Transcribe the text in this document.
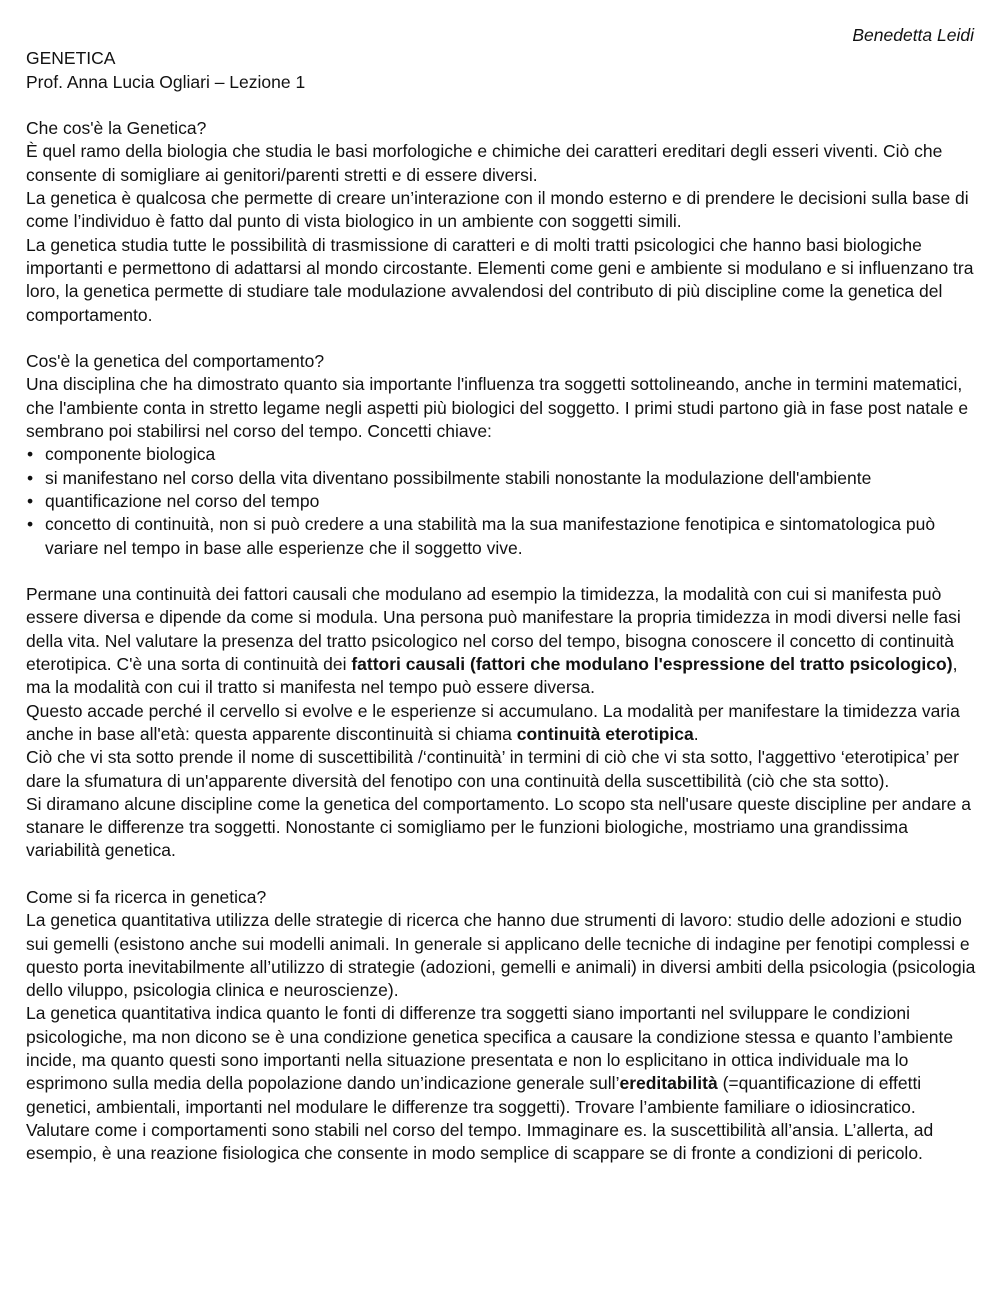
Benedetta Leidi

GENETICA

Prof. Anna Lucia Ogliari – Lezione 1

Che cos'è la Genetica?

È quel ramo della biologia che studia le basi morfologiche e chimiche dei caratteri ereditari degli esseri viventi. Ciò che consente di somigliare ai genitori/parenti stretti e di essere diversi.

La genetica è qualcosa che permette di creare un’interazione con il mondo esterno e di prendere le decisioni sulla base di come l’individuo è fatto dal punto di vista biologico in un ambiente con soggetti simili.

La genetica studia tutte le possibilità di trasmissione di caratteri e di molti tratti psicologici che hanno basi biologiche importanti e permettono di adattarsi al mondo circostante. Elementi come geni e ambiente si modulano e si influenzano tra loro, la genetica permette di studiare tale modulazione avvalendosi del contributo di più discipline come la genetica del comportamento.

Cos'è la genetica del comportamento?

Una disciplina che ha dimostrato quanto sia importante l'influenza tra soggetti sottolineando, anche in termini matematici, che l'ambiente conta in stretto legame negli aspetti più biologici del soggetto. I primi studi partono già in fase post natale e sembrano poi stabilirsi nel corso del tempo. Concetti chiave:

• componente biologica
• si manifestano nel corso della vita diventano possibilmente stabili nonostante la modulazione dell'ambiente
• quantificazione nel corso del tempo
• concetto di continuità, non si può credere a una stabilità ma la sua manifestazione fenotipica e sintomatologica può variare nel tempo in base alle esperienze che il soggetto vive.

Permane una continuità dei fattori causali che modulano ad esempio la timidezza, la modalità con cui si manifesta può essere diversa e dipende da come si modula. Una persona può manifestare la propria timidezza in modi diversi nelle fasi della vita. Nel valutare la presenza del tratto psicologico nel corso del tempo, bisogna conoscere il concetto di continuità eterotipica. C'è una sorta di continuità dei fattori causali (fattori che modulano l'espressione del tratto psicologico), ma la modalità con cui il tratto si manifesta nel tempo può essere diversa.

Questo accade perché il cervello si evolve e le esperienze si accumulano. La modalità per manifestare la timidezza varia anche in base all'età: questa apparente discontinuità si chiama continuità eterotipica.

Ciò che vi sta sotto prende il nome di suscettibilità /‘continuità’ in termini di ciò che vi sta sotto, l'aggettivo ‘eterotipica’ per dare la sfumatura di un'apparente diversità del fenotipo con una continuità della suscettibilità (ciò che sta sotto).

Si diramano alcune discipline come la genetica del comportamento. Lo scopo sta nell'usare queste discipline per andare a stanare le differenze tra soggetti. Nonostante ci somigliamo per le funzioni biologiche, mostriamo una grandissima variabilità genetica.

Come si fa ricerca in genetica?

La genetica quantitativa utilizza delle strategie di ricerca che hanno due strumenti di lavoro: studio delle adozioni e studio sui gemelli (esistono anche sui modelli animali. In generale si applicano delle tecniche di indagine per fenotipi complessi e questo porta inevitabilmente all’utilizzo di strategie (adozioni, gemelli e animali) in diversi ambiti della psicologia (psicologia dello viluppo, psicologia clinica e neuroscienze).

La genetica quantitativa indica quanto le fonti di differenze tra soggetti siano importanti nel sviluppare le condizioni psicologiche, ma non dicono se è una condizione genetica specifica a causare la condizione stessa e quanto l’ambiente incide, ma quanto questi sono importanti nella situazione presentata e non lo esplicitano in ottica individuale ma lo esprimono sulla media della popolazione dando un’indicazione generale sull’ereditabilità (=quantificazione di effetti genetici, ambientali, importanti nel modulare le differenze tra soggetti). Trovare l’ambiente familiare o idiosincratico.

Valutare come i comportamenti sono stabili nel corso del tempo. Immaginare es. la suscettibilità all’ansia. L’allerta, ad esempio, è una reazione fisiologica che consente in modo semplice di scappare se di fronte a condizioni di pericolo.
